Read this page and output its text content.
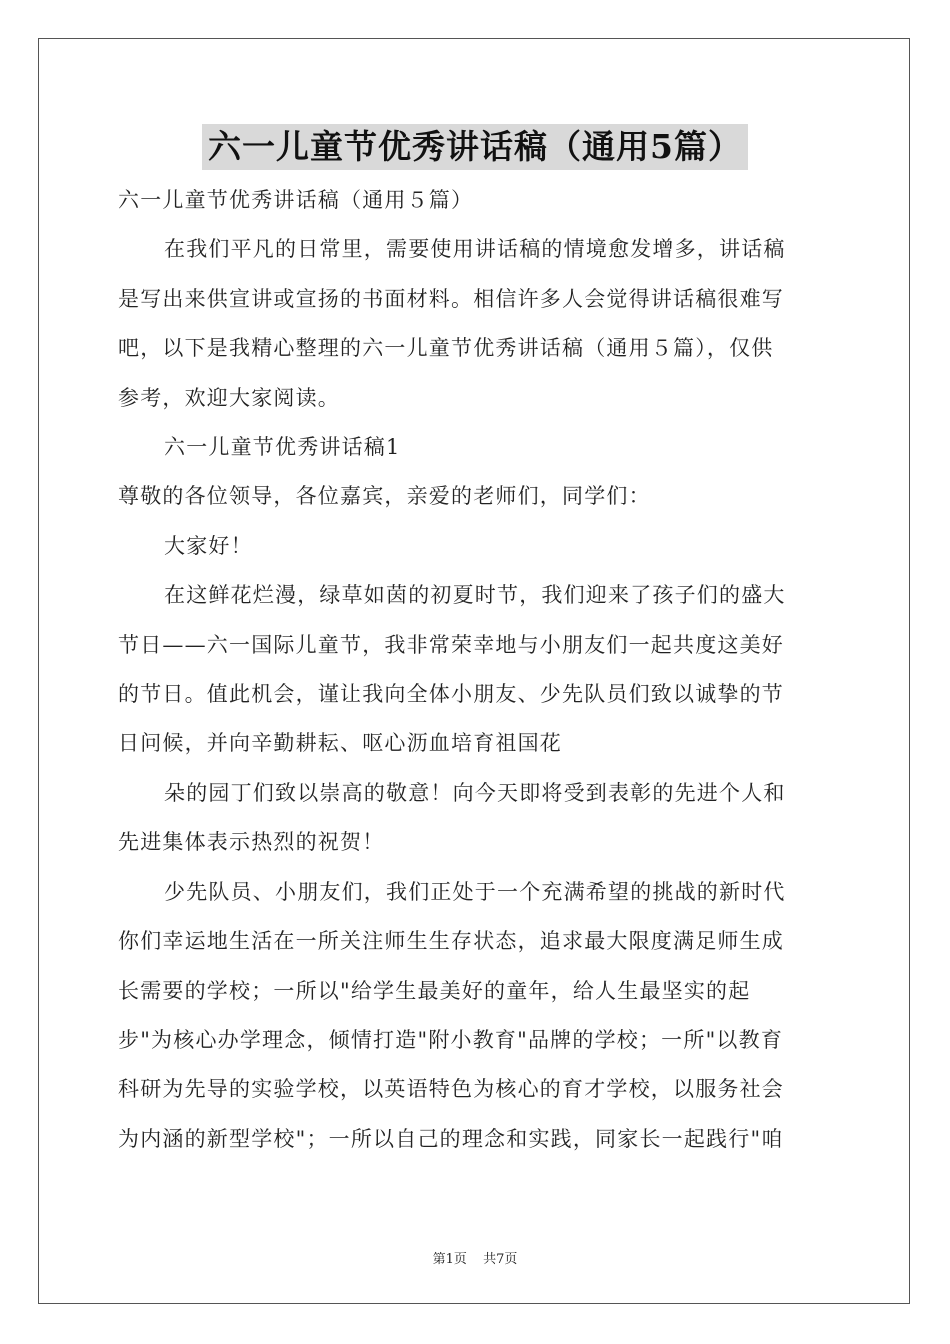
六一儿童节优秀讲话稿（通用5篇）

六一儿童节优秀讲话稿（通用５篇）

在我们平凡的日常里，需要使用讲话稿的情境愈发增多，讲话稿

是写出来供宣讲或宣扬的书面材料。相信许多人会觉得讲话稿很难写

吧，以下是我精心整理的六一儿童节优秀讲话稿（通用５篇），仅供

参考，欢迎大家阅读。

六一儿童节优秀讲话稿1

尊敬的各位领导，各位嘉宾，亲爱的老师们，同学们：

大家好！

在这鲜花烂漫，绿草如茵的初夏时节，我们迎来了孩子们的盛大

节日——六一国际儿童节，我非常荣幸地与小朋友们一起共度这美好

的节日。值此机会，谨让我向全体小朋友、少先队员们致以诚挚的节

日问候，并向辛勤耕耘、呕心沥血培育祖国花

朵的园丁们致以崇高的敬意！向今天即将受到表彰的先进个人和

先进集体表示热烈的祝贺！

少先队员、小朋友们，我们正处于一个充满希望的挑战的新时代

你们幸运地生活在一所关注师生生存状态，追求最大限度满足师生成

长需要的学校；一所以"给学生最美好的童年，给人生最坚实的起

步"为核心办学理念，倾情打造"附小教育"品牌的学校；一所"以教育

科研为先导的实验学校，以英语特色为核心的育才学校，以服务社会

为内涵的新型学校"；一所以自己的理念和实践，同家长一起践行"咱

第1页 共7页
